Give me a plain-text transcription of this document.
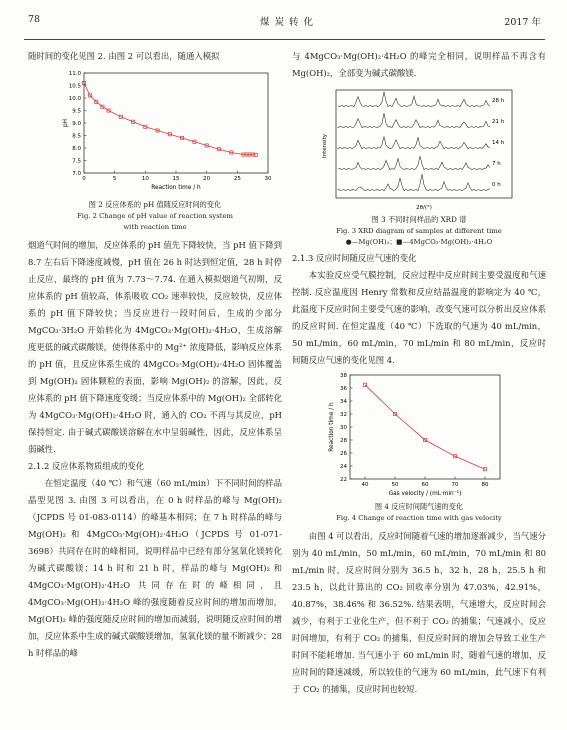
78	煤 炭 转 化	2017 年

随时间的变化见图 2. 由图 2 可以看出，随通入模拟

0	5	10	15	20	25	30
7.0
7.5
8.0
8.5
9.0
9.5
10.0
10.5
11.0
Reaction time / h
pH

图 2 反应体系的 pH 值随反应时间的变化

Fig. 2 Change of pH value of reaction system

with reaction time

烟道气时间的增加，反应体系的 pH 值先下降较快，当 pH 值下降到 8.7 左右后下降速度减慢，pH 值在 26 h 时达到恒定值，28 h 时停止反应，最终的 pH 值为 7.73～7.74. 在通入模拟烟道气初期，反应体系的 pH 值较高，体系吸收 CO₂ 速率较快，反应较快，反应体系的 pH 值下降较快；当反应进行一段时间后，生成的少部分 MgCO₃·3H₂O 开始转化为 4MgCO₃·Mg(OH)₂·4H₂O，生成溶解度更低的碱式碳酸镁，使得体系中的 Mg²⁺ 浓度降低，影响反应体系的 pH 值，且反应体系生成的 4MgCO₃·Mg(OH)₂·4H₂O 固体覆盖到 Mg(OH)₂ 固体颗粒的表面，影响 Mg(OH)₂ 的溶解，因此，反应体系的 pH 值下降速度变缓；当反应体系中的 Mg(OH)₂ 全部转化为 4MgCO₃·Mg(OH)₂·4H₂O 时，通入的 CO₂ 不再与其反应，pH 保持恒定. 由于碱式碳酸镁溶解在水中呈弱碱性，因此，反应体系呈弱碱性.

2.1.2 反应体系物质组成的变化

在恒定温度（40 ℃）和气速（60 mL/min）下不同时间的样品晶型见图 3. 由图 3 可以看出，在 0 h 时样品的峰与 Mg(OH)₂（JCPDS 号 01-083-0114）的峰基本相同；在 7 h 时样品的峰与 Mg(OH)₂ 和 4MgCO₃·Mg(OH)₂·4H₂O（JCPDS 号 01-071-3698）共同存在时的峰相同，说明样品中已经有部分氢氧化镁转化为碱式碳酸镁；14 h 时和 21 h 时，样品的峰与 Mg(OH)₂ 和 4MgCO₃·Mg(OH)₂·4H₂O 共同存在时的峰相同，且 4MgCO₃·Mg(OH)₂·4H₂O 峰的强度随着反应时间的增加而增加，Mg(OH)₂ 峰的强度随反应时间的增加而减弱，说明随反应时间的增加，反应体系中生成的碱式碳酸镁增加，氢氧化镁的量不断减少；28 h 时样品的峰

与 4MgCO₃·Mg(OH)₂·4H₂O 的峰完全相同，说明样品不再含有 Mg(OH)₂，全部变为碱式碳酸镁.

Intensity
2θ/(°)
28 h
21 h
14 h
7 h
0 h

图 3 不同时间样品的 XRD 谱

Fig. 3 XRD diagram of samples at different time

●—Mg(OH)₂；■—4MgCO₃·Mg(OH)₂·4H₂O

2.1.3 反应时间随反应气速的变化

本实验反应受气膜控制，反应过程中反应时间主要受温度和气速控制. 反应温度因 Henry 常数和反应结晶温度的影响定为 40 ℃，此温度下反应时间主要受气速的影响，改变气速可以分析出反应体系的反应时间. 在恒定温度（40 ℃）下选取的气速为 40 mL/min，50 mL/min，60 mL/min，70 mL/min 和 80 mL/min，反应时间随反应气速的变化见图 4.

40	50	60	70	80
22
24
26
28
30
32
34
36
38
Gas velocity / (mL·min⁻¹)
Reaction time / h

图 4 反应时间随气速的变化

Fig. 4 Change of reaction time with gas velocity

由图 4 可以看出，反应时间随着气速的增加逐渐减少，当气速分别为 40 mL/min，50 mL/min，60 mL/min，70 mL/min 和 80 mL/min 时，反应时间分别为 36.5 h，32 h，28 h，25.5 h 和 23.5 h，以此计算出的 CO₂ 回收率分别为 47.03%，42.91%，40.87%，38.46% 和 36.52%. 结果表明，气速增大，反应时间会减少，有利于工业化生产，但不利于 CO₂ 的捕集；气速减小，反应时间增加，有利于 CO₂ 的捕集，但反应时间的增加会导致工业生产时间不能耗增加. 当气速小于 60 mL/min 时，随着气速的增加，反应时间的降速减缓，所以较佳的气速为 60 mL/min，此气速下有利于 CO₂ 的捕集，反应时间也较短.
